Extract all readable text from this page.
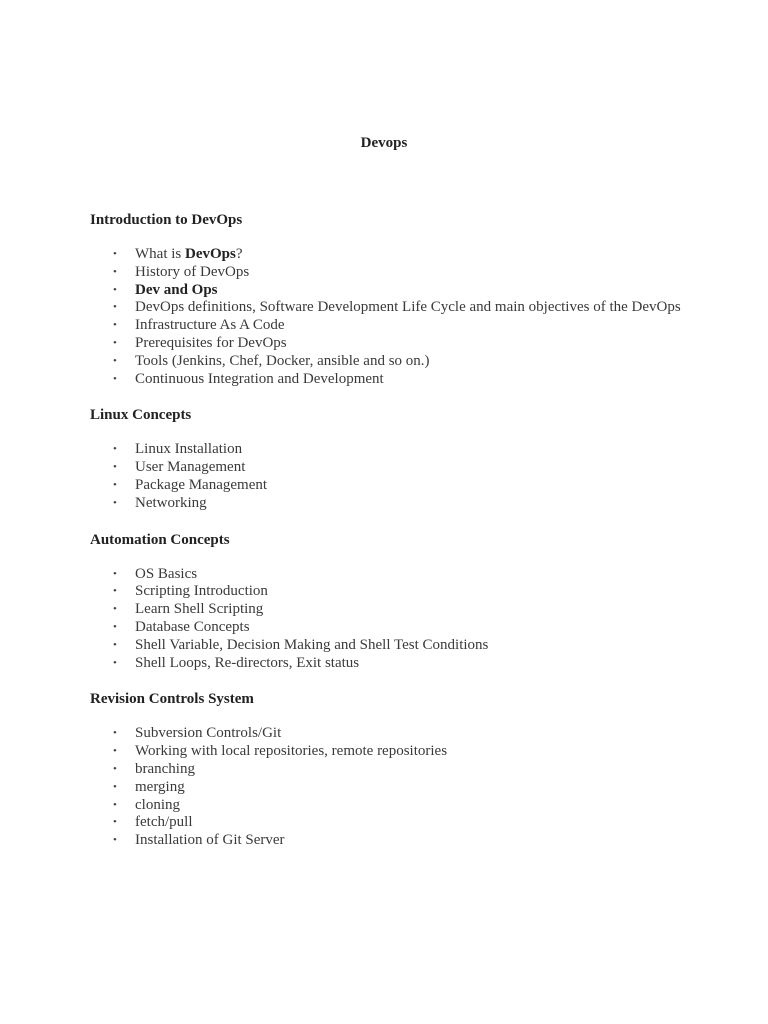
Devops
Introduction to DevOps
• What is DevOps?
• History of DevOps
• Dev and Ops
• DevOps definitions, Software Development Life Cycle and main objectives of the DevOps
• Infrastructure As A Code
• Prerequisites for DevOps
• Tools (Jenkins, Chef, Docker, ansible and so on.)
• Continuous Integration and Development
Linux Concepts
• Linux Installation
• User Management
• Package Management
• Networking
Automation Concepts
• OS Basics
• Scripting Introduction
• Learn Shell Scripting
• Database Concepts
• Shell Variable, Decision Making and Shell Test Conditions
• Shell Loops, Re-directors, Exit status
Revision Controls System
• Subversion Controls/Git
• Working with local repositories, remote repositories
• branching
• merging
• cloning
• fetch/pull
• Installation of Git Server
